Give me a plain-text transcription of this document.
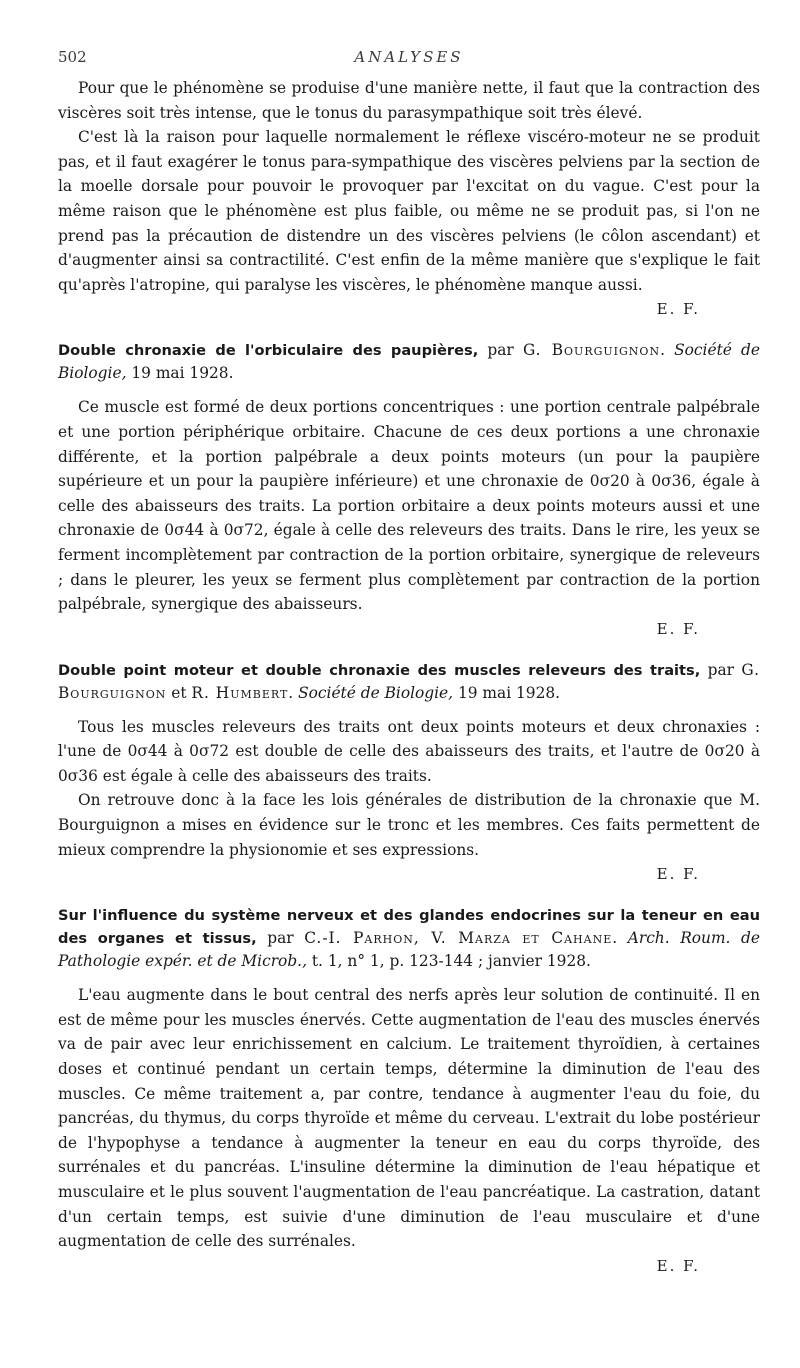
502	ANALYSES

Pour que le phénomène se produise d'une manière nette, il faut que la contraction des viscères soit très intense, que le tonus du parasympathique soit très élevé.

C'est là la raison pour laquelle normalement le réflexe viscéro-moteur ne se produit pas, et il faut exagérer le tonus para-sympathique des viscères pelviens par la section de la moelle dorsale pour pouvoir le provoquer par l'excitat on du vague. C'est pour la même raison que le phénomène est plus faible, ou même ne se produit pas, si l'on ne prend pas la précaution de distendre un des viscères pelviens (le côlon ascendant) et d'augmenter ainsi sa contractilité. C'est enfin de la même manière que s'explique le fait qu'après l'atropine, qui paralyse les viscères, le phénomène manque aussi.

E. F.
Double chronaxie de l'orbiculaire des paupières, par G. Bourguignon. Société de Biologie, 19 mai 1928.

Ce muscle est formé de deux portions concentriques : une portion centrale palpébrale et une portion périphérique orbitaire. Chacune de ces deux portions a une chronaxie différente, et la portion palpébrale a deux points moteurs (un pour la paupière supérieure et un pour la paupière inférieure) et une chronaxie de 0σ20 à 0σ36, égale à celle des abaisseurs des traits. La portion orbitaire a deux points moteurs aussi et une chronaxie de 0σ44 à 0σ72, égale à celle des releveurs des traits. Dans le rire, les yeux se ferment incomplètement par contraction de la portion orbitaire, synergique de releveurs ; dans le pleurer, les yeux se ferment plus complètement par contraction de la portion palpébrale, synergique des abaisseurs.

E. F.
Double point moteur et double chronaxie des muscles releveurs des traits, par G. Bourguignon et R. Humbert. Société de Biologie, 19 mai 1928.

Tous les muscles releveurs des traits ont deux points moteurs et deux chronaxies : l'une de 0σ44 à 0σ72 est double de celle des abaisseurs des traits, et l'autre de 0σ20 à 0σ36 est égale à celle des abaisseurs des traits.

On retrouve donc à la face les lois générales de distribution de la chronaxie que M. Bourguignon a mises en évidence sur le tronc et les membres. Ces faits permettent de mieux comprendre la physionomie et ses expressions.

E. F.
Sur l'influence du système nerveux et des glandes endocrines sur la teneur en eau des organes et tissus, par C.-I. Parhon, V. Marza et Cahane. Arch. Roum. de Pathologie expér. et de Microb., t. 1, n° 1, p. 123-144 ; janvier 1928.

L'eau augmente dans le bout central des nerfs après leur solution de continuité. Il en est de même pour les muscles énervés. Cette augmentation de l'eau des muscles énervés va de pair avec leur enrichissement en calcium. Le traitement thyroïdien, à certaines doses et continué pendant un certain temps, détermine la diminution de l'eau des muscles. Ce même traitement a, par contre, tendance à augmenter l'eau du foie, du pancréas, du thymus, du corps thyroïde et même du cerveau. L'extrait du lobe postérieur de l'hypophyse a tendance à augmenter la teneur en eau du corps thyroïde, des surrénales et du pancréas. L'insuline détermine la diminution de l'eau hépatique et musculaire et le plus souvent l'augmentation de l'eau pancréatique. La castration, datant d'un certain temps, est suivie d'une diminution de l'eau musculaire et d'une augmentation de celle des surrénales.

E. F.
